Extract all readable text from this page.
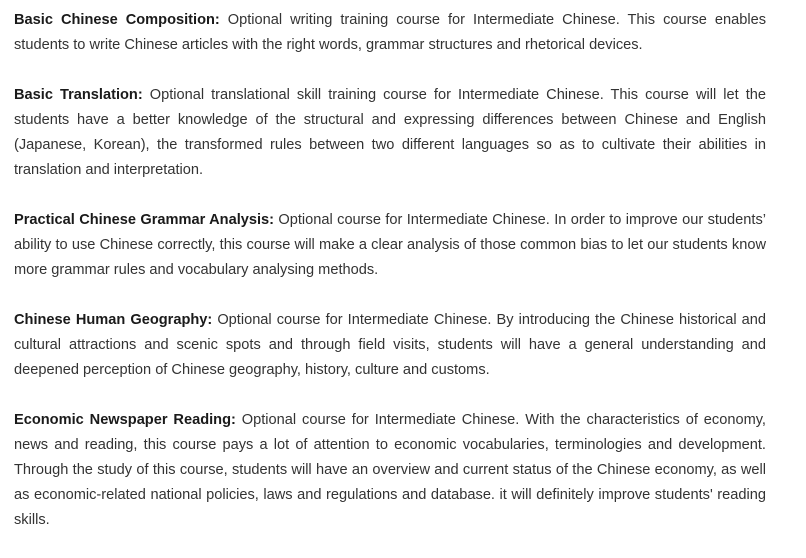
Basic Chinese Composition: Optional writing training course for Intermediate Chinese. This course enables students to write Chinese articles with the right words, grammar structures and rhetorical devices.

Basic Translation: Optional translational skill training course for Intermediate Chinese. This course will let the students have a better knowledge of the structural and expressing differences between Chinese and English (Japanese, Korean), the transformed rules between two different languages so as to cultivate their abilities in translation and interpretation.

Practical Chinese Grammar Analysis: Optional course for Intermediate Chinese. In order to improve our students’ ability to use Chinese correctly, this course will make a clear analysis of those common bias to let our students know more grammar rules and vocabulary analysing methods.

Chinese Human Geography: Optional course for Intermediate Chinese. By introducing the Chinese historical and cultural attractions and scenic spots and through field visits, students will have a general understanding and deepened perception of Chinese geography, history, culture and customs.

Economic Newspaper Reading: Optional course for Intermediate Chinese. With the characteristics of economy, news and reading, this course pays a lot of attention to economic vocabularies, terminologies and development. Through the study of this course, students will have an overview and current status of the Chinese economy, as well as economic-related national policies, laws and regulations and database. it will definitely improve students' reading skills.
